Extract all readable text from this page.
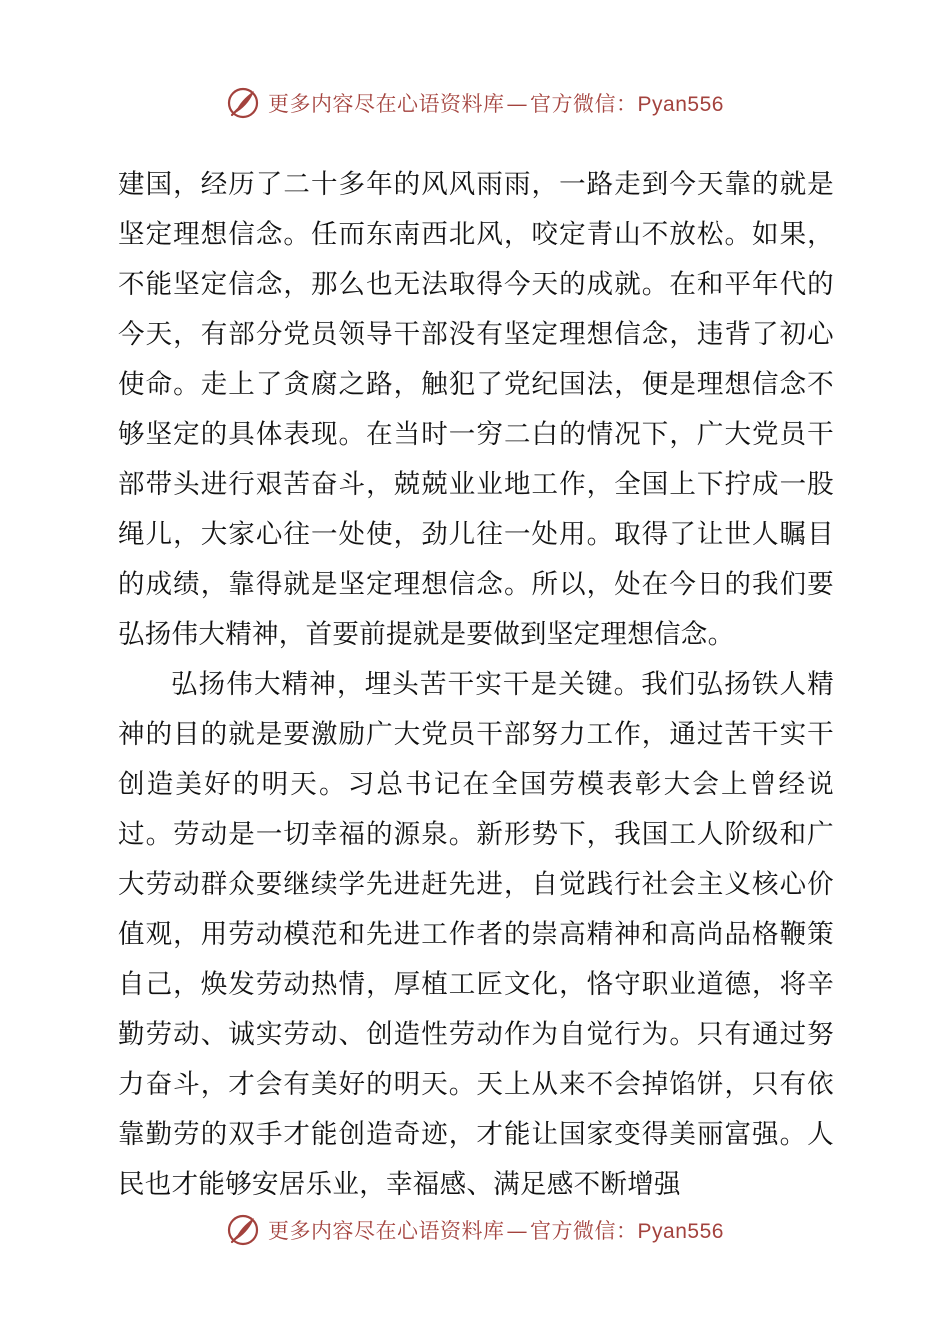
更多内容尽在心语资料库—官方微信：Pyan556

建国，经历了二十多年的风风雨雨，一路走到今天靠的就是坚定理想信念。任而东南西北风，咬定青山不放松。如果，不能坚定信念，那么也无法取得今天的成就。在和平年代的今天，有部分党员领导干部没有坚定理想信念，违背了初心使命。走上了贪腐之路，触犯了党纪国法，便是理想信念不够坚定的具体表现。在当时一穷二白的情况下，广大党员干部带头进行艰苦奋斗，兢兢业业地工作，全国上下拧成一股绳儿，大家心往一处使，劲儿往一处用。取得了让世人瞩目的成绩，靠得就是坚定理想信念。所以，处在今日的我们要弘扬伟大精神，首要前提就是要做到坚定理想信念。

弘扬伟大精神，埋头苦干实干是关键。我们弘扬铁人精神的目的就是要激励广大党员干部努力工作，通过苦干实干创造美好的明天。习总书记在全国劳模表彰大会上曾经说过。劳动是一切幸福的源泉。新形势下，我国工人阶级和广大劳动群众要继续学先进赶先进，自觉践行社会主义核心价值观，用劳动模范和先进工作者的崇高精神和高尚品格鞭策自己，焕发劳动热情，厚植工匠文化，恪守职业道德，将辛勤劳动、诚实劳动、创造性劳动作为自觉行为。只有通过努力奋斗，才会有美好的明天。天上从来不会掉馅饼，只有依靠勤劳的双手才能创造奇迹，才能让国家变得美丽富强。人民也才能够安居乐业，幸福感、满足感不断增强

更多内容尽在心语资料库—官方微信：Pyan556
